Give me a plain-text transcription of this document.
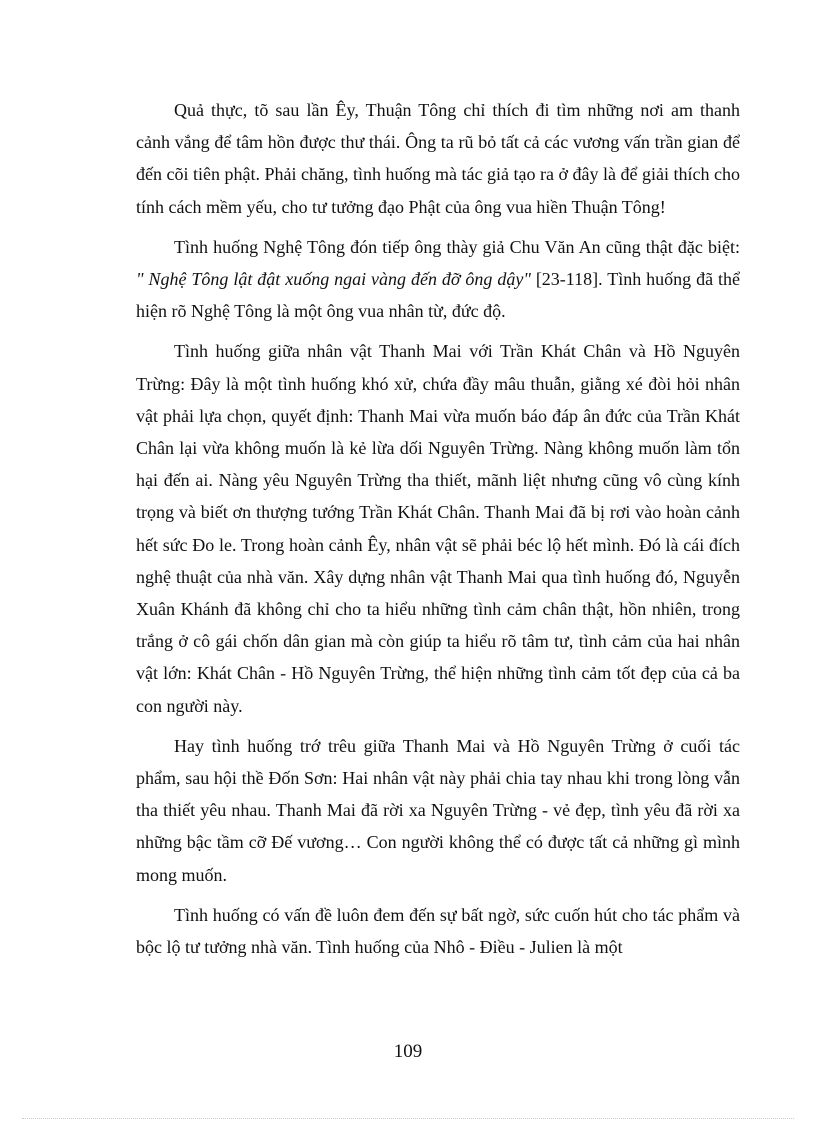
Quả thực, tõ sau lần Êy, Thuận Tông chỉ thích đi tìm những nơi am thanh cảnh vắng để tâm hồn được thư thái. Ông ta rũ bỏ tất cả các vương vấn trần gian để đến cõi tiên phật. Phải chăng, tình huống mà tác giả tạo ra ở đây là để giải thích cho tính cách mềm yếu, cho tư tưởng đạo Phật của ông vua hiền Thuận Tông!

Tình huống Nghệ Tông đón tiếp ông thày giả Chu Văn An cũng thật đặc biệt: " Nghệ Tông lật đật xuống ngai vàng đến đỡ ông dậy" [23-118]. Tình huống đã thể hiện rõ Nghệ Tông là một ông vua nhân từ, đức độ.

Tình huống giữa nhân vật Thanh Mai với Trần Khát Chân và Hồ Nguyên Trừng: Đây là một tình huống khó xử, chứa đầy mâu thuẫn, giằng xé đòi hỏi nhân vật phải lựa chọn, quyết định: Thanh Mai vừa muốn báo đáp ân đức của Trần Khát Chân lại vừa không muốn là kẻ lừa dối Nguyên Trừng. Nàng không muốn làm tổn hại đến ai. Nàng yêu Nguyên Trừng tha thiết, mãnh liệt nhưng cũng vô cùng kính trọng và biết ơn thượng tướng Trần Khát Chân. Thanh Mai đã bị rơi vào hoàn cảnh hết sức Đo le. Trong hoàn cảnh Êy, nhân vật sẽ phải béc lộ hết mình. Đó là cái đích nghệ thuật của nhà văn. Xây dựng nhân vật Thanh Mai qua tình huống đó, Nguyễn Xuân Khánh đã không chỉ cho ta hiểu những tình cảm chân thật, hồn nhiên, trong trắng ở cô gái chốn dân gian mà còn giúp ta hiểu rõ tâm tư, tình cảm của hai nhân vật lớn: Khát Chân - Hồ Nguyên Trừng, thể hiện những tình cảm tốt đẹp của cả ba con người này.

Hay tình huống trớ trêu giữa Thanh Mai và Hồ Nguyên Trừng ở cuối tác phẩm, sau hội thề Đốn Sơn: Hai nhân vật này phải chia tay nhau khi trong lòng vẫn tha thiết yêu nhau. Thanh Mai đã rời xa Nguyên Trừng - vẻ đẹp, tình yêu đã rời xa những bậc tầm cỡ Đế vương… Con người không thể có được tất cả những gì mình mong muốn.

Tình huống có vấn đề luôn đem đến sự bất ngờ, sức cuốn hút cho tác phẩm và bộc lộ tư tưởng nhà văn. Tình huống của Nhô - Điều - Julien là một

109
